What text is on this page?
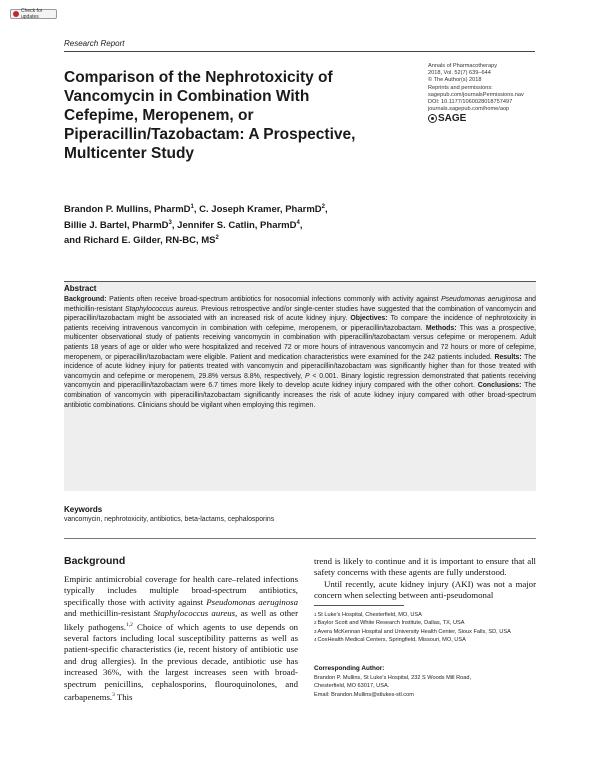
Check for updates
Research Report
Comparison of the Nephrotoxicity of Vancomycin in Combination With Cefepime, Meropenem, or Piperacillin/Tazobactam: A Prospective, Multicenter Study
Annals of Pharmacotherapy
2018, Vol. 52(7) 639–644
© The Author(s) 2018
Reprints and permissions:
sagepub.com/journalsPermissions.nav
DOI: 10.1177/1060028018757497
journals.sagepub.com/home/aop
SAGE
Brandon P. Mullins, PharmD$^1$, C. Joseph Kramer, PharmD$^2$,
Billie J. Bartel, PharmD$^3$, Jennifer S. Catlin, PharmD$^4$,
and Richard E. Gilder, RN-BC, $MS^2$
Abstract

Background: Patients often receive broad-spectrum antibiotics for nosocomial infections commonly with activity against Pseudomonas aeruginosa and methicillin-resistant Staphylococcus aureus. Previous retrospective and/or single-center studies have suggested that the combination of vancomycin and piperacillin/tazobactam might be associated with an increased risk of acute kidney injury. Objectives: To compare the incidence of nephrotoxicity in patients receiving intravenous vancomycin in combination with cefepime, meropenem, or piperacillin/tazobactam. Methods: This was a prospective, multicenter observational study of patients receiving vancomycin in combination with piperacillin/tazobactam versus cefepime or meropenem. Adult patients 18 years of age or older who were hospitalized and received 72 or more hours of intravenous vancomycin and 72 hours or more of cefepime, meropenem, or piperacillin/tazobactam were eligible. Patient and medication characteristics were examined for the 242 patients included. Results: The incidence of acute kidney injury for patients treated with vancomycin and piperacillin/tazobactam was significantly higher than for those treated with vancomycin and cefepime or meropenem, 29.8% versus 8.8%, respectively, P < 0.001. Binary logistic regression demonstrated that patients receiving vancomycin and piperacillin/tazobactam were 6.7 times more likely to develop acute kidney injury compared with the other cohort. Conclusions: The combination of vancomycin with piperacillin/tazobactam significantly increases the risk of acute kidney injury compared with other broad-spectrum antibiotic combinations. Clinicians should be vigilant when employing this regimen.

Keywords
vancomycin, nephrotoxicity, antibiotics, beta-lactams, cephalosporins
Background

Empiric antimicrobial coverage for health care–related infections typically includes multiple broad-spectrum antibiotics, specifically those with activity against Pseudomonas aeruginosa and methicillin-resistant Staphylococcus aureus, as well as other likely pathogens.$^{1,2}$ Choice of which agents to use depends on several factors including local susceptibility patterns as well as patient-specific characteristics (ie, recent history of antibiotic use and drug allergies). In the previous decade, antibiotic use has increased 36%, with the largest increases seen with broad-spectrum penicillins, cephalosporins, flouroquinolones, and carbapenems.$^3$ This

trend is likely to continue and it is important to ensure that all safety concerns with these agents are fully understood.

Until recently, acute kidney injury (AKI) was not a major concern when selecting between anti-pseudomonal

1 St Luke’s Hospital, Chesterfield, MO, USA
2 Baylor Scott and White Research Institute, Dallas, TX, USA
3 Avera McKennan Hospital and University Health Center, Sioux Falls, SD, USA
4 CoxHealth Medical Centers, Springfield, Missouri, MO, USA
Corresponding Author:
Brandon P. Mullins, St Luke’s Hospital, 232 S Woods Mill Road,
Chesterfield, MO 63017, USA.
Email: Brandon.Mullins@stlukes-stl.com
